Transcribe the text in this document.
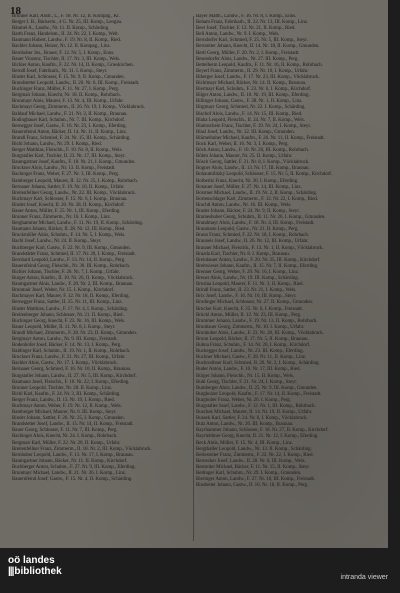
18

Brunner Karl, Anstr., L., F. 18. Nr. 12, II. Kompag., Kr.

Berger J. B., Bäckerm., 4 G. Nr. 25, III. Komp., Lengau.

Bäumel A., Landw., Nr. 11. II. Komp., Schärding.

Barth Franz, Handelsm., II. 24. Nr. 22, I. Komp., Welt.

Baumann Hubert, Landw., F. 19. Nr. 8, II. Komp., Ried.

Bachler Johann, Heizer, Nr. 12. II. Kompag., Linz.

Bernhuber Jos., Brauer, F. 12. Nr. 5, I. Komp., Enns.

Bauer Vinzenz, Tischler, II. 17. Nr. 3, III. Komp., Wels.

Bichler Anton, Kaufm., F. 22. Nr. 14, II. Komp., Grieskirchen.

Berndl Josef, Fabrikarb., Nr. 31. I. Komp., Steyr.

Binder Karl, Schlosser, F. 15. Nr. 9, II. Komp., Gmunden.

Brandstetter Leopold, Landw., II. 20. Nr. 6, III. Komp., Freistadt.

Buchinger Franz, Müller, F. 11. Nr. 27, I. Komp., Perg.

Bergmair Johann, Knecht, Nr. 18. II. Komp., Rohrbach.

Brunmayr Alois, Maurer, F. 13. Nr. 4, III. Komp., Urfahr.

Bachmayr Georg, Zimmerm., II. 26. Nr. 19, I. Komp., Vöcklabruck.

Baldauf Michael, Landw., F. 21. Nr. 2, II. Komp., Braunau.

Bodingbauer Karl, Schuhm., Nr. 7. III. Komp., Kirchdorf.

Bernegger Josef, Gastw., F. 16. Nr. 23, I. Komp., Eferding.

Bauernfeind Anton, Bäcker, II. 14. Nr. 11, II. Komp., Linz.

Brandl Franz, Schmied, F. 24. Nr. 15, III. Komp., Schärding.

Bichl Johann, Landw., Nr. 29. I. Komp., Ried.

Berger Matthias, Fleischh., F. 10. Nr. 8, II. Komp., Wels.

Burgstaller Karl, Tischler, II. 23. Nr. 17, III. Komp., Steyr.

Baumgartner Josef, Kaufm., F. 18. Nr. 21, I. Komp., Gmunden.

Bruckner Alois, Landw., Nr. 13. II. Komp., Freistadt.

Bachinger Franz, Weber, F. 27. Nr. 3, III. Komp., Perg.

Bamberger Leopold, Maurer, II. 12. Nr. 25, I. Komp., Rohrbach.

Bernauer Johann, Sattler, F. 19. Nr. 10, II. Komp., Urfahr.

Breitenfellner Georg, Landw., Nr. 22. III. Komp., Vöcklabruck.

Buchmayr Karl, Schlosser, F. 15. Nr. 6, I. Komp., Braunau.

Binder Josef, Knecht, II. 20. Nr. 28, II. Komp., Kirchdorf.

Bauer Anton, Müller, F. 25. Nr. 1, III. Komp., Eferding.

Brunner Franz, Zimmerm., Nr. 16. I. Komp., Linz.

Berghammer Michael, Landw., F. 11. Nr. 19, II. Komp., Schärding.

Baumann Johann, Bäcker, II. 28. Nr. 12, III. Komp., Ried.

Bruckmüller Alois, Schuhm., F. 14. Nr. 5, I. Komp., Wels.

Bachl Josef, Landw., Nr. 24. II. Komp., Steyr.

Buchberger Karl, Gastw., F. 22. Nr. 9, III. Komp., Gmunden.

Brandstätter Franz, Schmied, II. 17. Nr. 20, I. Komp., Freistadt.

Bernhard Leopold, Landw., F. 13. Nr. 14, II. Komp., Perg.

Bauernfeind Georg, Fleischh., Nr. 30. III. Komp., Rohrbach.

Bichler Johann, Tischler, F. 26. Nr. 7, I. Komp., Urfahr.

Burger Anton, Kaufm., II. 10. Nr. 26, II. Komp., Vöcklabruck.

Baumgartner Alois, Landw., F. 20. Nr. 2, III. Komp., Braunau.

Brunmair Josef, Weber, Nr. 15. I. Komp., Kirchdorf.

Bachmayer Karl, Maurer, F. 12. Nr. 18, II. Komp., Eferding.

Bernegger Franz, Sattler, II. 25. Nr. 11, III. Komp., Linz.

Binder Matthias, Landw., F. 17. Nr. 4, I. Komp., Schärding.

Breitenberger Johann, Schlosser, Nr. 21. II. Komp., Ried.

Buchinger Georg, Knecht, F. 23. Nr. 16, III. Komp., Wels.

Bauer Leopold, Müller, II. 11. Nr. 8, I. Komp., Steyr.

Brandl Michael, Zimmerm., F. 28. Nr. 23, II. Komp., Gmunden.

Bergmayr Anton, Landw., Nr. 9. III. Komp., Freistadt.

Bodenhofer Josef, Bäcker, F. 14. Nr. 13, I. Komp., Perg.

Baldinger Karl, Schuhm., II. 19. Nr. 1, II. Komp., Rohrbach.

Bruckner Franz, Landw., F. 21. Nr. 27, III. Komp., Urfahr.

Bachler Alois, Gastw., Nr. 17. I. Komp., Vöcklabruck.

Bernauer Georg, Schmied, F. 16. Nr. 10, II. Komp., Braunau.

Burgstaller Johann, Landw., II. 27. Nr. 5, III. Komp., Kirchdorf.

Baumann Josef, Fleischh., F. 10. Nr. 22, I. Komp., Eferding.

Brunner Leopold, Tischler, Nr. 28. II. Komp., Linz.

Bichl Karl, Kaufm., F. 24. Nr. 3, III. Komp., Schärding.

Berger Franz, Landw., II. 13. Nr. 19, I. Komp., Ried.

Buchmayr Anton, Weber, F. 19. Nr. 12, II. Komp., Wels.

Bamberger Michael, Maurer, Nr. 6. III. Komp., Steyr.

Binder Johann, Sattler, F. 26. Nr. 25, I. Komp., Gmunden.

Brandstetter Josef, Landw., II. 15. Nr. 14, II. Komp., Freistadt.

Bauer Georg, Schlosser, F. 11. Nr. 7, III. Komp., Perg.

Bachinger Alois, Knecht, Nr. 24. I. Komp., Rohrbach.

Bergmair Karl, Müller, F. 22. Nr. 20, II. Komp., Urfahr.

Breitenfellner Franz, Zimmerm., II. 18. Nr. 2, III. Komp., Vöcklabruck.

Bernhuber Leopold, Landw., F. 13. Nr. 17, I. Komp., Braunau.

Baumgartner Johann, Bäcker, Nr. 11. II. Komp., Kirchdorf.

Buchberger Anton, Schuhm., F. 27. Nr. 9, III. Komp., Eferding.

Brunmayr Michael, Landw., II. 21. Nr. 26, I. Komp., Linz.

Bauernfeind Josef, Gastw., F. 15. Nr. 4, II. Komp., Schärding.

Bayer Matth., Landw., F. 16. Nr. 8, I. Komp., Enns.

Beham Franz, Fabrikarb., II. 22. Nr. 13, III. Komp., Linz.

Beer Josef, Tischler, F. 12. Nr. 21, II. Komp., Ried.

Bell Anton, Landw., Nr. 9. I. Komp., Wels.

Berndorfer Karl, Schmied, F. 25. Nr. 5, III. Komp., Steyr.

Bernreiter Johann, Knecht, II. 14. Nr. 18, II. Komp., Gmunden.

Bertl Georg, Müller, F. 20. Nr. 2, I. Komp., Freistadt.

Besendorfer Alois, Landw., Nr. 27. III. Komp., Perg.

Bettelheim Leopold, Kaufm., F. 11. Nr. 16, II. Komp., Rohrbach.

Beyerl Franz, Zimmerm., II. 29. Nr. 10, I. Komp., Urfahr.

Biberger Josef, Landw., F. 17. Nr. 23, III. Komp., Vöcklabruck.

Bichlmayr Michael, Bäcker, Nr. 14. II. Komp., Braunau.

Biermayr Karl, Schuhm., F. 23. Nr. 6, I. Komp., Kirchdorf.

Bilger Anton, Landw., II. 10. Nr. 19, III. Komp., Eferding.

Billinger Johann, Gastw., F. 28. Nr. 1, II. Komp., Linz.

Birgmayr Georg, Schmied, Nr. 22. I. Komp., Schärding.

Bischof Alois, Landw., F. 14. Nr. 15, III. Komp., Ried.

Blaha Leopold, Fleischh., II. 24. Nr. 7, II. Komp., Wels.

Blaimschein Franz, Tischler, F. 19. Nr. 24, I. Komp., Steyr.

Blasl Josef, Landw., Nr. 12. III. Komp., Gmunden.

Blümelhuber Michael, Kaufm., F. 26. Nr. 11, II. Komp., Freistadt.

Bock Karl, Weber, II. 16. Nr. 3, I. Komp., Perg.

Böck Anton, Landw., F. 10. Nr. 20, III. Komp., Rohrbach.

Böhm Johann, Maurer, Nr. 25. II. Komp., Urfahr.

Bösch Georg, Sattler, F. 21. Nr. 8, I. Komp., Vöcklabruck.

Bogner Alois, Landw., II. 13. Nr. 17, III. Komp., Braunau.

Bohaumilitzky Leopold, Schlosser, F. 15. Nr. 5, II. Komp., Kirchdorf.

Bolberitz Franz, Knecht, Nr. 30. I. Komp., Eferding.

Bonauer Josef, Müller, F. 27. Nr. 14, III. Komp., Linz.

Borstner Michael, Landw., II. 19. Nr. 2, II. Komp., Schärding.

Bortenschlager Karl, Zimmerm., F. 12. Nr. 22, I. Komp., Ried.

Brachtl Anton, Landw., Nr. 16. III. Komp., Wels.

Brader Johann, Bäcker, F. 24. Nr. 9, II. Komp., Steyr.

Brameshuber Georg, Schuhm., II. 11. Nr. 26, I. Komp., Gmunden.

Brandmayr Alois, Landw., F. 18. Nr. 4, III. Komp., Freistadt.

Braumann Leopold, Gastw., Nr. 21. II. Komp., Perg.

Braun Franz, Schmied, F. 22. Nr. 18, I. Komp., Rohrbach.

Brauneis Josef, Landw., II. 26. Nr. 12, III. Komp., Urfahr.

Brauner Michael, Fleischh., F. 13. Nr. 1, II. Komp., Vöcklabruck.

Brazda Karl, Tischler, Nr. 8. I. Komp., Braunau.

Breinbauer Anton, Landw., F. 20. Nr. 25, III. Komp., Kirchdorf.

Breitwieser Johann, Kaufm., II. 15. Nr. 7, II. Komp., Eferding.

Brenner Georg, Weber, F. 29. Nr. 16, I. Komp., Linz.

Breuer Alois, Landw., Nr. 19. III. Komp., Schärding.

Brezina Leopold, Maurer, F. 11. Nr. 3, II. Komp., Ried.

Brindl Franz, Sattler, II. 23. Nr. 21, I. Komp., Wels.

Brix Josef, Landw., F. 16. Nr. 10, III. Komp., Steyr.

Brodinger Michael, Schlosser, Nr. 27. II. Komp., Gmunden.

Brucker Karl, Knecht, F. 25. Nr. 6, I. Komp., Freistadt.

Brückl Anton, Müller, II. 12. Nr. 23, III. Komp., Perg.

Brummer Johann, Landw., F. 19. Nr. 13, II. Komp., Rohrbach.

Brunbauer Georg, Zimmerm., Nr. 10. I. Komp., Urfahr.

Brunhuber Alois, Landw., F. 23. Nr. 28, III. Komp., Vöcklabruck.

Bruno Leopold, Bäcker, II. 17. Nr. 5, II. Komp., Braunau.

Bubna Franz, Schuhm., F. 14. Nr. 20, I. Komp., Kirchdorf.

Buchegger Josef, Landw., Nr. 23. III. Komp., Eferding.

Buchner Michael, Gastw., F. 28. Nr. 11, II. Komp., Linz.

Buchroithner Karl, Schmied, II. 20. Nr. 2, I. Komp., Schärding.

Buder Anton, Landw., F. 10. Nr. 17, III. Komp., Ried.

Bürger Johann, Fleischh., Nr. 15. II. Komp., Wels.

Buhl Georg, Tischler, F. 21. Nr. 24, I. Komp., Steyr.

Bumberger Alois, Landw., II. 25. Nr. 9, III. Komp., Gmunden.

Burgholzer Leopold, Kaufm., F. 17. Nr. 14, II. Komp., Freistadt.

Burghuber Franz, Weber, Nr. 26. I. Komp., Perg.

Burgstaller Josef, Landw., F. 12. Nr. 1, III. Komp., Rohrbach.

Buschek Michael, Maurer, II. 14. Nr. 19, II. Komp., Urfahr.

Bussek Karl, Sattler, F. 24. Nr. 8, I. Komp., Vöcklabruck.

Butz Anton, Landw., Nr. 20. III. Komp., Braunau.

Bayrhammer Johann, Schlosser, F. 18. Nr. 27, II. Komp., Kirchdorf.

Bayrleithner Georg, Knecht, II. 21. Nr. 12, I. Komp., Eferding.

Beck Alois, Müller, F. 15. Nr. 4, III. Komp., Linz.

Bergthaller Leopold, Landw., Nr. 13. II. Komp., Schärding.

Berlesreiter Franz, Zimmerm., F. 22. Nr. 22, I. Komp., Ried.

Bernecker Josef, Landw., II. 28. Nr. 6, III. Komp., Wels.

Bestreiter Michael, Bäcker, F. 11. Nr. 15, II. Komp., Steyr.

Bettinger Karl, Schuhm., Nr. 29. I. Komp., Gmunden.

Bieringer Anton, Landw., F. 27. Nr. 10, III. Komp., Freistadt.

Bindreiter Johann, Gastw., II. 16. Nr. 18, II. Komp., Perg.

oö landes
|||bibliothek
intranda viewer
